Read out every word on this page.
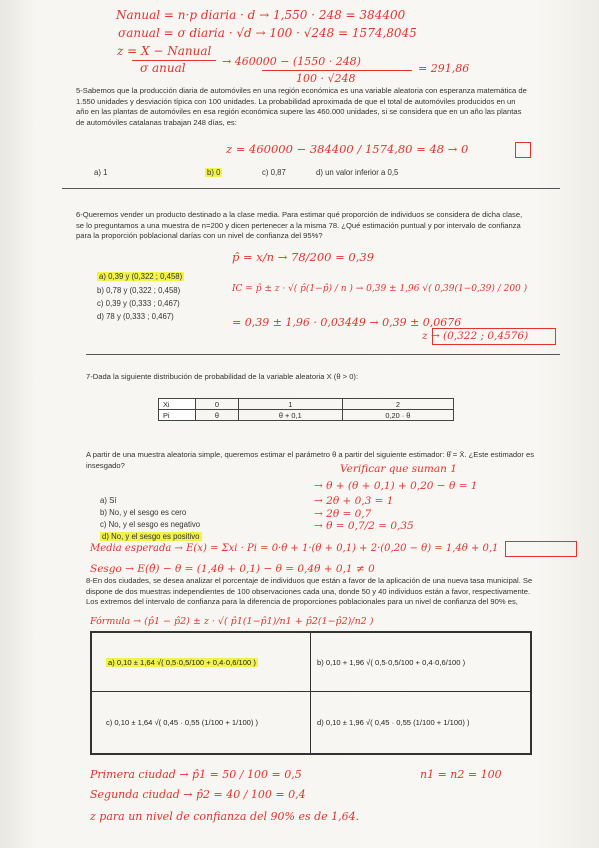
Nanual = n·p diaria · d → 1,550 · 248 = 384400
σanual = σ diaria · √d → 100 · √248 = 1574,8045
z = X − Nanual
σ anual	→ 460000 − (1550 · 248)
100 · √248
= 291,86

5-Sabemos que la producción diaria de automóviles en una región económica es una variable aleatoria con esperanza matemática de 1.550 unidades y desviación típica con 100 unidades. La probabilidad aproximada de que el total de automóviles producidos en un año en las plantas de automóviles en esa región económica supere las 460.000 unidades, si se considera que en un año las plantas de automóviles catalanas trabajan 248 días, es:

z = 460000 − 384400 / 1574,80 = 48 → 0
a) 1	b) 0	c) 0,87	d) un valor inferior a 0,5

6-Queremos vender un producto destinado a la clase media. Para estimar qué proporción de individuos se considera de dicha clase, se lo preguntamos a una muestra de n=200 y dicen pertenecer a la misma 78. ¿Qué estimación puntual y por intervalo de confianza para la proporción poblacional darías con un nivel de confianza del 95%?

a) 0,39 y (0,322 ; 0,458)
b) 0,78 y (0,322 ; 0,458)
c) 0,39 y (0,333 ; 0,467)
d) 78 y (0,333 ; 0,467)
p̂ = x/n → 78/200 = 0,39
IC = p̂ ± z · √( p̂(1−p̂) / n ) → 0,39 ± 1,96 √( 0,39(1−0,39) / 200 )
= 0,39 ± 1,96 · 0,03449 → 0,39 ± 0,0676
z → (0,322 ; 0,4576)
7-Dada la siguiente distribución de probabilidad de la variable aleatoria X (θ > 0):
Xi	0	1	2
Pi	θ	θ + 0,1	0,20 · θ

A partir de una muestra aleatoria simple, queremos estimar el parámetro θ a partir del siguiente estimador: θ̂ = X̄. ¿Este estimador es insesgado?	Verificar que suman 1
a) Sí
b) No, y el sesgo es cero
c) No, y el sesgo es negativo
d) No, y el sesgo es positivo
→ θ + (θ + 0,1) + 0,20 − θ = 1
→ 2θ + 0,3 = 1
→ 2θ = 0,7
→ θ = 0,7/2 = 0,35
Media esperada → E(x) = Σxi · Pi = 0·θ + 1·(θ + 0,1) + 2·(0,20 − θ) = 1,4θ + 0,1
Sesgo → E(θ̂) − θ = (1,4θ + 0,1) − θ = 0,4θ + 0,1 ≠ 0

8-En dos ciudades, se desea analizar el porcentaje de individuos que están a favor de la aplicación de una nueva tasa municipal. Se dispone de dos muestras independientes de 100 observaciones cada una, donde 50 y 40 individuos están a favor, respectivamente. Los extremos del intervalo de confianza para la diferencia de proporciones poblacionales para un nivel de confianza del 90% es,

Fórmula → (p̂1 − p̂2) ± z · √( p̂1(1−p̂1)/n1 + p̂2(1−p̂2)/n2 )
a) 0,10 ± 1,64 √( 0,5·0,5/100 + 0,4·0,6/100 )	b) 0,10 + 1,96 √( 0,5·0,5/100 + 0,4·0,6/100 )
c) 0,10 ± 1,64 √( 0,45 · 0,55 (1/100 + 1/100) )	d) 0,10 ± 1,96 √( 0,45 · 0,55 (1/100 + 1/100) )
Primera ciudad → p̂1 = 50 / 100 = 0,5	n1 = n2 = 100
Segunda ciudad → p̂2 = 40 / 100 = 0,4
z para un nivel de confianza del 90% es de 1,64.
